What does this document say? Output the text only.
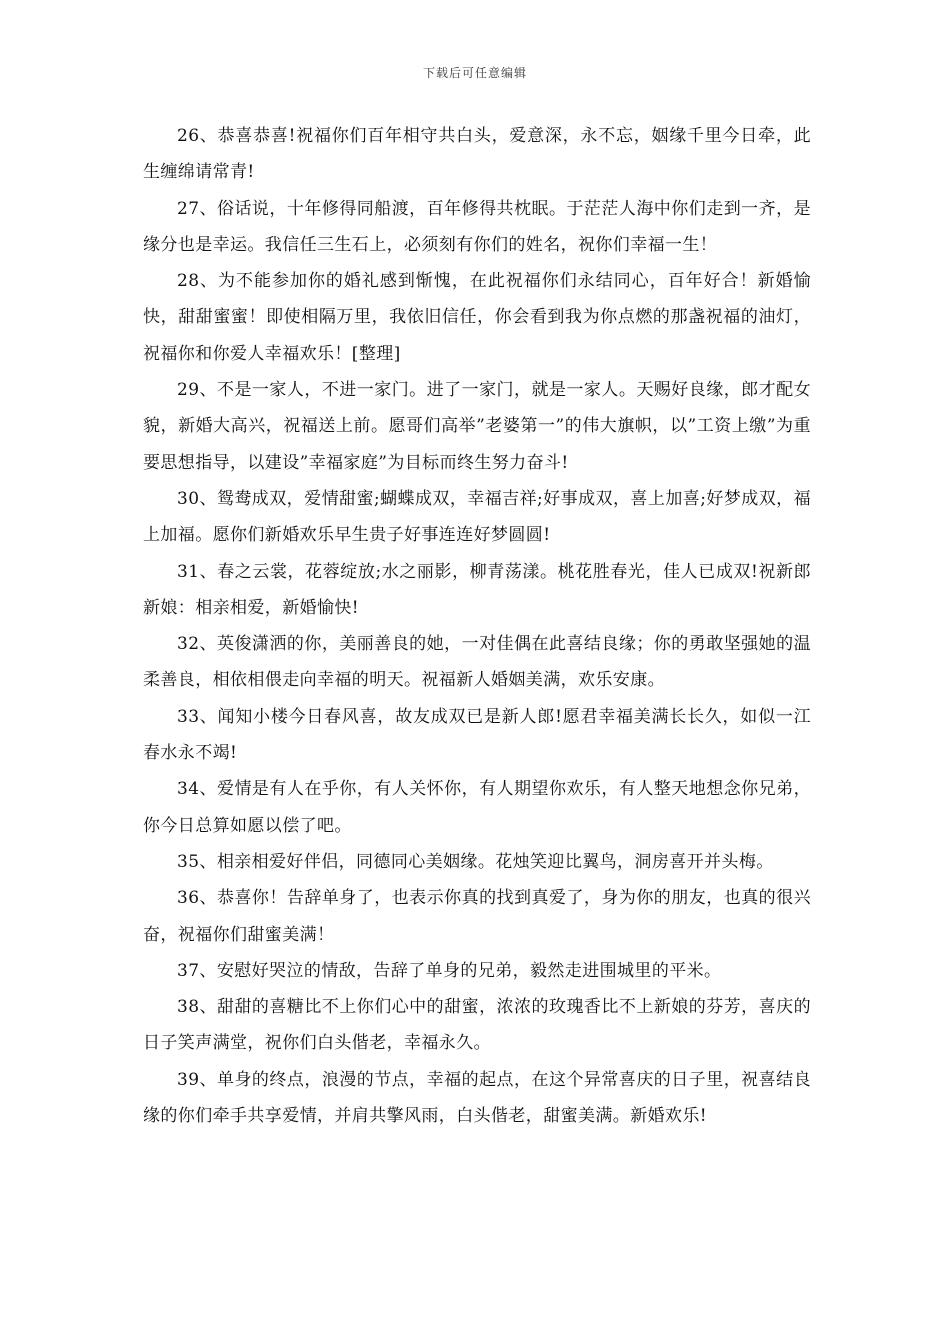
下载后可任意编辑

26、恭喜恭喜!祝福你们百年相守共白头，爱意深，永不忘，姻缘千里今日牵，此生缠绵请常青!

27、俗话说，十年修得同船渡，百年修得共枕眠。于茫茫人海中你们走到一齐，是缘分也是幸运。我信任三生石上，必须刻有你们的姓名，祝你们幸福一生！

28、为不能参加你的婚礼感到惭愧，在此祝福你们永结同心，百年好合！新婚愉快，甜甜蜜蜜！即使相隔万里，我依旧信任，你会看到我为你点燃的那盏祝福的油灯，祝福你和你爱人幸福欢乐！[整理]

29、不是一家人，不进一家门。进了一家门，就是一家人。天赐好良缘，郎才配女貌，新婚大高兴，祝福送上前。愿哥们高举”老婆第一”的伟大旗帜，以”工资上缴”为重要思想指导，以建设”幸福家庭”为目标而终生努力奋斗!

30、鸳鸯成双，爱情甜蜜;蝴蝶成双，幸福吉祥;好事成双，喜上加喜;好梦成双，福上加福。愿你们新婚欢乐早生贵子好事连连好梦圆圆!

31、春之云裳，花蓉绽放;水之丽影，柳青荡漾。桃花胜春光，佳人已成双!祝新郎新娘：相亲相爱，新婚愉快!

32、英俊潇洒的你，美丽善良的她，一对佳偶在此喜结良缘；你的勇敢坚强她的温柔善良，相依相偎走向幸福的明天。祝福新人婚姻美满，欢乐安康。

33、闻知小楼今日春风喜，故友成双已是新人郎!愿君幸福美满长长久，如似一江春水永不竭!

34、爱情是有人在乎你，有人关怀你，有人期望你欢乐，有人整天地想念你兄弟，你今日总算如愿以偿了吧。

35、相亲相爱好伴侣，同德同心美姻缘。花烛笑迎比翼鸟，洞房喜开并头梅。

36、恭喜你！告辞单身了，也表示你真的找到真爱了，身为你的朋友，也真的很兴奋，祝福你们甜蜜美满！

37、安慰好哭泣的情敌，告辞了单身的兄弟，毅然走进围城里的平米。

38、甜甜的喜糖比不上你们心中的甜蜜，浓浓的玫瑰香比不上新娘的芬芳，喜庆的日子笑声满堂，祝你们白头偕老，幸福永久。

39、单身的终点，浪漫的节点，幸福的起点，在这个异常喜庆的日子里，祝喜结良缘的你们牵手共享爱情，并肩共擎风雨，白头偕老，甜蜜美满。新婚欢乐!
